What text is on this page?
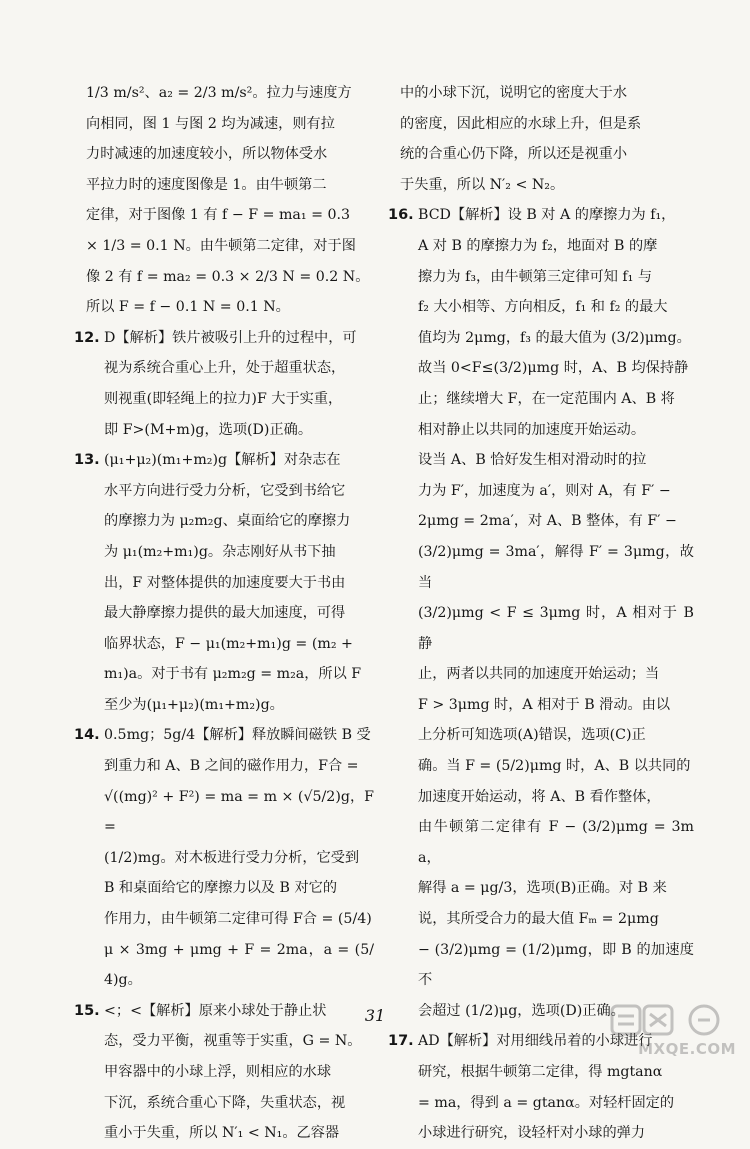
1/3 m/s²、a₂ = 2/3 m/s²。拉力与速度方

向相同，图 1 与图 2 均为减速，则有拉

力时减速的加速度较小，所以物体受水

平拉力时的速度图像是 1。由牛顿第二

定律，对于图像 1 有 f − F = ma₁ = 0.3

× 1/3 = 0.1 N。由牛顿第二定律，对于图

像 2 有 f = ma₂ = 0.3 × 2/3 N = 0.2 N。

所以 F = f − 0.1 N = 0.1 N。

12. D【解析】铁片被吸引上升的过程中，可

视为系统合重心上升，处于超重状态，

则视重(即轻绳上的拉力)F 大于实重，

即 F>(M+m)g，选项(D)正确。

13. (μ₁+μ₂)(m₁+m₂)g【解析】对杂志在

水平方向进行受力分析，它受到书给它

的摩擦力为 μ₂m₂g、桌面给它的摩擦力

为 μ₁(m₂+m₁)g。杂志刚好从书下抽

出，F 对整体提供的加速度要大于书由

最大静摩擦力提供的最大加速度，可得

临界状态，F − μ₁(m₂+m₁)g = (m₂ +

m₁)a。对于书有 μ₂m₂g = m₂a，所以 F

至少为(μ₁+μ₂)(m₁+m₂)g。

14. 0.5mg；5g/4【解析】释放瞬间磁铁 B 受

到重力和 A、B 之间的磁作用力，F合 =

√((mg)² + F²) = ma = m × (√5/2)g，F =

(1/2)mg。对木板进行受力分析，它受到

B 和桌面给它的摩擦力以及 B 对它的

作用力，由牛顿第二定律可得 F合 = (5/4)

μ × 3mg + μmg + F = 2ma，a = (5/4)g。

15. <；<【解析】原来小球处于静止状

态，受力平衡，视重等于实重，G = N。

甲容器中的小球上浮，则相应的水球

下沉，系统合重心下降，失重状态，视

重小于失重，所以 N′₁ < N₁。乙容器

中的小球下沉，说明它的密度大于水

的密度，因此相应的水球上升，但是系

统的合重心仍下降，所以还是视重小

于失重，所以 N′₂ < N₂。

16. BCD【解析】设 B 对 A 的摩擦力为 f₁，

A 对 B 的摩擦力为 f₂，地面对 B 的摩

擦力为 f₃，由牛顿第三定律可知 f₁ 与

f₂ 大小相等、方向相反，f₁ 和 f₂ 的最大

值均为 2μmg，f₃ 的最大值为 (3/2)μmg。

故当 0<F≤(3/2)μmg 时，A、B 均保持静

止；继续增大 F，在一定范围内 A、B 将

相对静止以共同的加速度开始运动。

设当 A、B 恰好发生相对滑动时的拉

力为 F′，加速度为 a′，则对 A，有 F′ −

2μmg = 2ma′，对 A、B 整体，有 F′ −

(3/2)μmg = 3ma′，解得 F′ = 3μmg，故当

(3/2)μmg < F ≤ 3μmg 时，A 相对于 B 静

止，两者以共同的加速度开始运动；当

F > 3μmg 时，A 相对于 B 滑动。由以

上分析可知选项(A)错误，选项(C)正

确。当 F = (5/2)μmg 时，A、B 以共同的

加速度开始运动，将 A、B 看作整体，

由牛顿第二定律有 F − (3/2)μmg = 3ma，

解得 a = μg/3，选项(B)正确。对 B 来

说，其所受合力的最大值 Fₘ = 2μmg

− (3/2)μmg = (1/2)μmg，即 B 的加速度不

会超过 (1/2)μg，选项(D)正确。

17. AD【解析】对用细线吊着的小球进行

研究，根据牛顿第二定律，得 mgtanα

= ma，得到 a = gtanα。对轻杆固定的

小球进行研究，设轻杆对小球的弹力

31
MXQE.COM
